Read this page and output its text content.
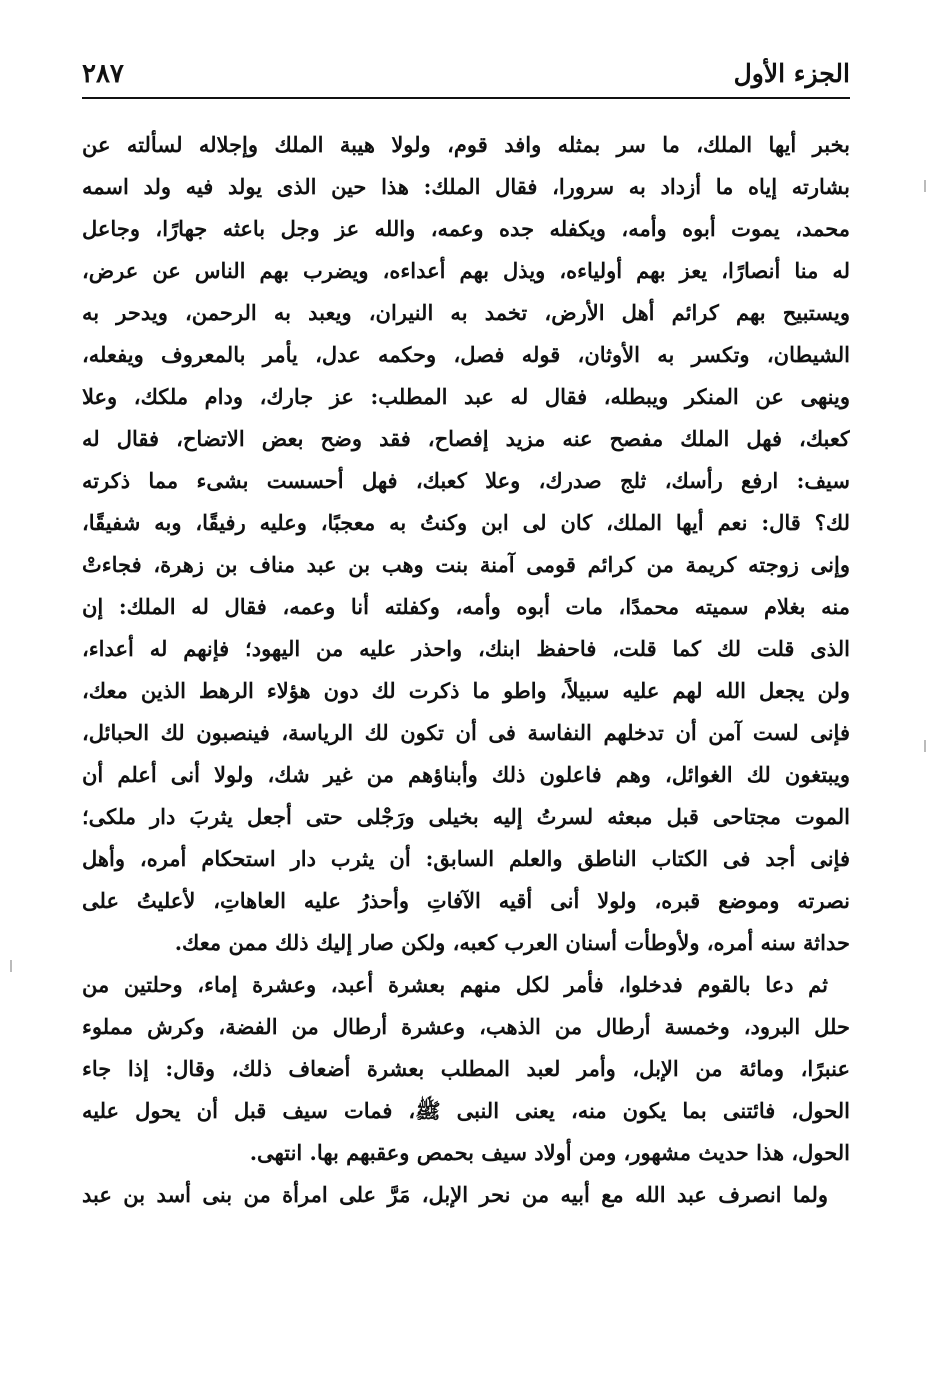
الجزء الأول
٢٨٧
بخبر أيها الملك، ما سر بمثله وافد قوم، ولولا هيبة الملك وإجلاله لسألته عن
بشارته إياه ما أزداد به سرورا، فقال الملك: هذا حين الذى يولد فيه ولد اسمه
محمد، يموت أبوه وأمه، ويكفله جده وعمه، والله عز وجل باعثه جهارًا، وجاعل
له منا أنصارًا، يعز بهم أولياءه، ويذل بهم أعداءه، ويضرب بهم الناس عن عرض،
ويستبيح بهم كرائم أهل الأرض، تخمد به النيران، ويعبد به الرحمن، ويدحر به
الشيطان، وتكسر به الأوثان، قوله فصل، وحكمه عدل، يأمر بالمعروف ويفعله،
وينهى عن المنكر ويبطله، فقال له عبد المطلب: عز جارك، ودام ملكك، وعلا
كعبك، فهل الملك مفصح عنه مزيد إفصاح، فقد وضح بعض الاتضاح، فقال له
سيف: ارفع رأسك، ثلج صدرك، وعلا كعبك، فهل أحسست بشىء مما ذكرته
لك؟ قال: نعم أيها الملك، كان لى ابن وكنتُ به معجبًا، وعليه رفيقًا، وبه شفيقًا،
وإنى زوجته كريمة من كرائم قومى آمنة بنت وهب بن عبد مناف بن زهرة، فجاءتْ
منه بغلام سميته محمدًا، مات أبوه وأمه، وكفلته أنا وعمه، فقال له الملك: إن
الذى قلت لك كما قلت، فاحفظ ابنك، واحذر عليه من اليهود؛ فإنهم له أعداء،
ولن يجعل الله لهم عليه سبيلاً، واطو ما ذكرت لك دون هؤلاء الرهط الذين معك،
فإنى لست آمن أن تدخلهم النفاسة فى أن تكون لك الرياسة، فينصبون لك الحبائل،
ويبتغون لك الغوائل، وهم فاعلون ذلك وأبناؤهم من غير شك، ولولا أنى أعلم أن
الموت مجتاحى قبل مبعثه لسرتُ إليه بخيلى ورَجْلى حتى أجعل يثربَ دار ملكى؛
فإنى أجد فى الكتاب الناطق والعلم السابق: أن يثرب دار استحكام أمره، وأهل
نصرته وموضع قبره، ولولا أنى أقيه الآفاتِ وأحذرُ عليه العاهاتِ، لأعليتُ على
حداثة سنه أمره، ولأوطأت أسنان العرب كعبه، ولكن صار إليك ذلك ممن معك.
ثم دعا بالقوم فدخلوا، فأمر لكل منهم بعشرة أعبد، وعشرة إماء، وحلتين من
حلل البرود، وخمسة أرطال من الذهب، وعشرة أرطال من الفضة، وكرش مملوء
عنبرًا، ومائة من الإبل، وأمر لعبد المطلب بعشرة أضعاف ذلك، وقال: إذا جاء
الحول، فائتنى بما يكون منه، يعنى النبى ﷺ، فمات سيف قبل أن يحول عليه
الحول، هذا حديث مشهور، ومن أولاد سيف بحمص وعقبهم بها. انتهى.
ولما انصرف عبد الله مع أبيه من نحر الإبل، مَرَّ على امرأة من بنى أسد بن عبد
